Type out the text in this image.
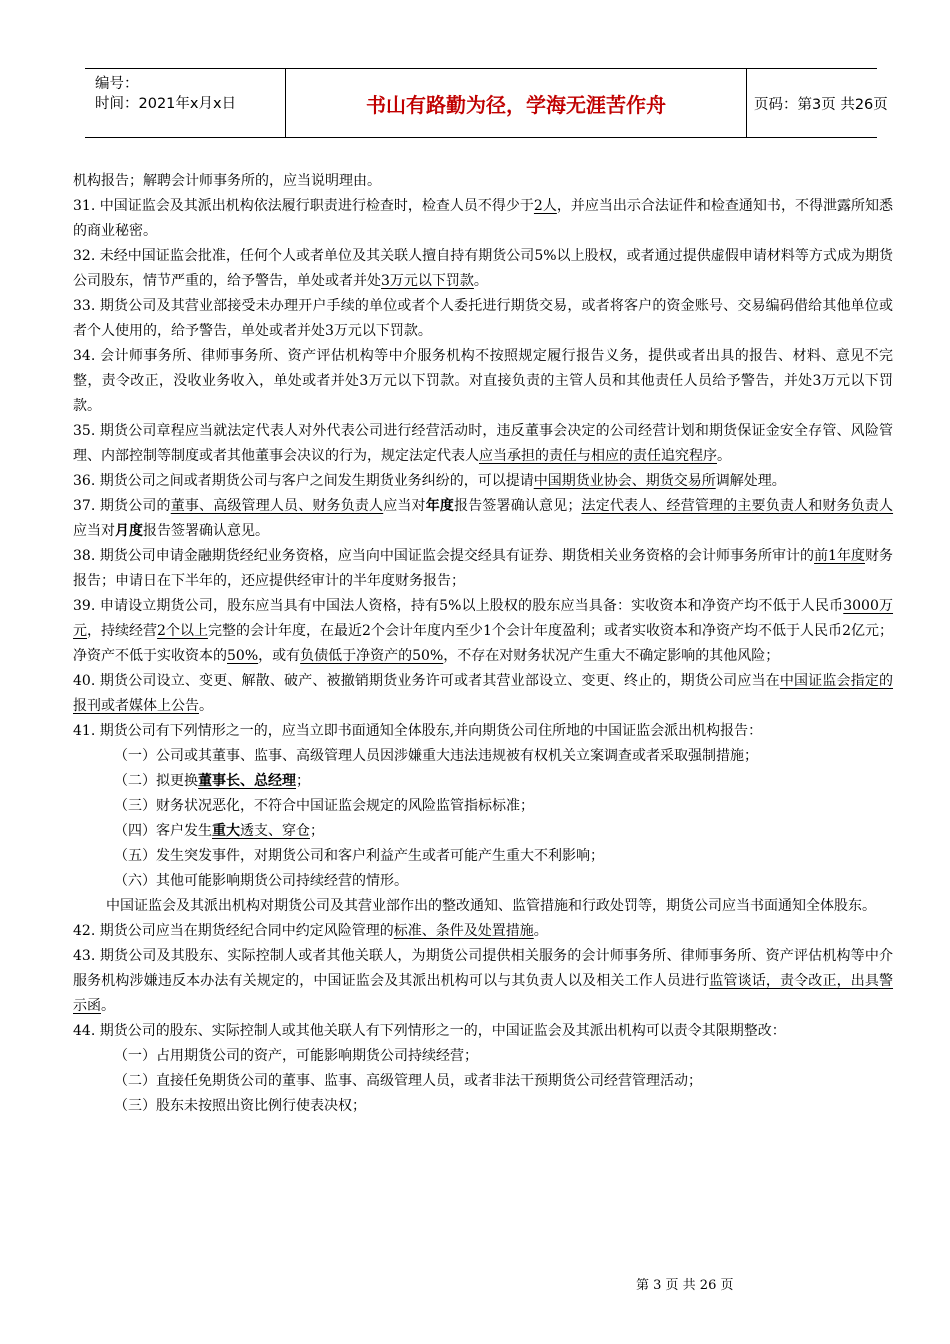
编号：
时间：2021年x月x日	书山有路勤为径，学海无涯苦作舟	页码：第3页 共26页

机构报告；解聘会计师事务所的，应当说明理由。

31. 中国证监会及其派出机构依法履行职责进行检查时，检查人员不得少于2人，并应当出示合法证件和检查通知书，不得泄露所知悉的商业秘密。

32. 未经中国证监会批准，任何个人或者单位及其关联人擅自持有期货公司5%以上股权，或者通过提供虚假申请材料等方式成为期货公司股东，情节严重的，给予警告，单处或者并处3万元以下罚款。

33. 期货公司及其营业部接受未办理开户手续的单位或者个人委托进行期货交易，或者将客户的资金账号、交易编码借给其他单位或者个人使用的，给予警告，单处或者并处3万元以下罚款。

34. 会计师事务所、律师事务所、资产评估机构等中介服务机构不按照规定履行报告义务，提供或者出具的报告、材料、意见不完整，责令改正，没收业务收入，单处或者并处3万元以下罚款。对直接负责的主管人员和其他责任人员给予警告，并处3万元以下罚款。

35. 期货公司章程应当就法定代表人对外代表公司进行经营活动时，违反董事会决定的公司经营计划和期货保证金安全存管、风险管理、内部控制等制度或者其他董事会决议的行为，规定法定代表人应当承担的责任与相应的责任追究程序。

36. 期货公司之间或者期货公司与客户之间发生期货业务纠纷的，可以提请中国期货业协会、期货交易所调解处理。

37. 期货公司的董事、高级管理人员、财务负责人应当对年度报告签署确认意见；法定代表人、经营管理的主要负责人和财务负责人应当对月度报告签署确认意见。

38. 期货公司申请金融期货经纪业务资格，应当向中国证监会提交经具有证券、期货相关业务资格的会计师事务所审计的前1年度财务报告；申请日在下半年的，还应提供经审计的半年度财务报告；

39. 申请设立期货公司，股东应当具有中国法人资格，持有5%以上股权的股东应当具备：实收资本和净资产均不低于人民币3000万元，持续经营2个以上完整的会计年度，在最近2个会计年度内至少1个会计年度盈利；或者实收资本和净资产均不低于人民币2亿元；净资产不低于实收资本的50%，或有负债低于净资产的50%，不存在对财务状况产生重大不确定影响的其他风险；

40. 期货公司设立、变更、解散、破产、被撤销期货业务许可或者其营业部设立、变更、终止的，期货公司应当在中国证监会指定的报刊或者媒体上公告。

41. 期货公司有下列情形之一的，应当立即书面通知全体股东,并向期货公司住所地的中国证监会派出机构报告：

（一）公司或其董事、监事、高级管理人员因涉嫌重大违法违规被有权机关立案调查或者采取强制措施；

（二）拟更换董事长、总经理；

（三）财务状况恶化，不符合中国证监会规定的风险监管指标标准；

（四）客户发生重大透支、穿仓；

（五）发生突发事件，对期货公司和客户利益产生或者可能产生重大不利影响；

（六）其他可能影响期货公司持续经营的情形。

中国证监会及其派出机构对期货公司及其营业部作出的整改通知、监管措施和行政处罚等，期货公司应当书面通知全体股东。

42. 期货公司应当在期货经纪合同中约定风险管理的标准、条件及处置措施。

43. 期货公司及其股东、实际控制人或者其他关联人，为期货公司提供相关服务的会计师事务所、律师事务所、资产评估机构等中介服务机构涉嫌违反本办法有关规定的，中国证监会及其派出机构可以与其负责人以及相关工作人员进行监管谈话，责令改正，出具警示函。

44. 期货公司的股东、实际控制人或其他关联人有下列情形之一的，中国证监会及其派出机构可以责令其限期整改：

（一）占用期货公司的资产，可能影响期货公司持续经营；

（二）直接任免期货公司的董事、监事、高级管理人员，或者非法干预期货公司经营管理活动；

（三）股东未按照出资比例行使表决权；

第 3 页 共 26 页
